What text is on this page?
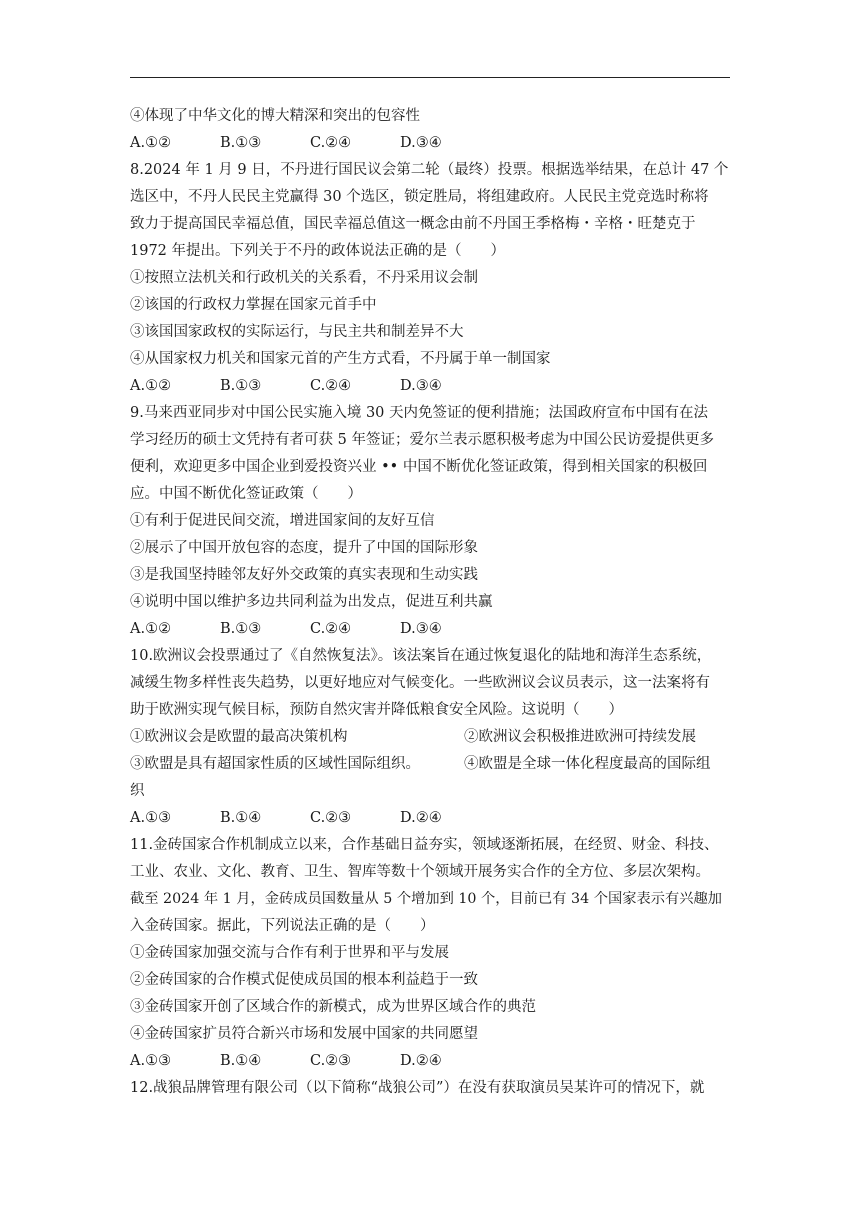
④体现了中华文化的博大精深和突出的包容性
A.①②	B.①③	C.②④	D.③④
8.2024 年 1 月 9 日，不丹进行国民议会第二轮（最终）投票。根据选举结果，在总计 47 个
选区中，不丹人民民主党赢得 30 个选区，锁定胜局，将组建政府。人民民主党竞选时称将
致力于提高国民幸福总值，国民幸福总值这一概念由前不丹国王季格梅・辛格・旺楚克于
1972 年提出。下列关于不丹的政体说法正确的是（　　）
①按照立法机关和行政机关的关系看，不丹采用议会制
②该国的行政权力掌握在国家元首手中
③该国国家政权的实际运行，与民主共和制差异不大
④从国家权力机关和国家元首的产生方式看，不丹属于单一制国家
A.①②	B.①③	C.②④	D.③④
9.马来西亚同步对中国公民实施入境 30 天内免签证的便利措施；法国政府宣布中国有在法
学习经历的硕士文凭持有者可获 5 年签证；爱尔兰表示愿积极考虑为中国公民访爱提供更多
便利，欢迎更多中国企业到爱投资兴业 •• 中国不断优化签证政策，得到相关国家的积极回
应。中国不断优化签证政策（　　）
①有利于促进民间交流，增进国家间的友好互信
②展示了中国开放包容的态度，提升了中国的国际形象
③是我国坚持睦邻友好外交政策的真实表现和生动实践
④说明中国以维护多边共同利益为出发点，促进互利共赢
A.①②	B.①③	C.②④	D.③④
10.欧洲议会投票通过了《自然恢复法》。该法案旨在通过恢复退化的陆地和海洋生态系统，
减缓生物多样性丧失趋势，以更好地应对气候变化。一些欧洲议会议员表示，这一法案将有
助于欧洲实现气候目标，预防自然灾害并降低粮食安全风险。这说明（　　）
①欧洲议会是欧盟的最高决策机构	②欧洲议会积极推进欧洲可持续发展
③欧盟是具有超国家性质的区域性国际组织。	④欧盟是全球一体化程度最高的国际组
织
A.①③	B.①④	C.②③	D.②④
11.金砖国家合作机制成立以来，合作基础日益夯实，领域逐渐拓展，在经贸、财金、科技、
工业、农业、文化、教育、卫生、智库等数十个领域开展务实合作的全方位、多层次架构。
截至 2024 年 1 月，金砖成员国数量从 5 个增加到 10 个，目前已有 34 个国家表示有兴趣加
入金砖国家。据此，下列说法正确的是（　　）
①金砖国家加强交流与合作有利于世界和平与发展
②金砖国家的合作模式促使成员国的根本利益趋于一致
③金砖国家开创了区域合作的新模式，成为世界区域合作的典范
④金砖国家扩员符合新兴市场和发展中国家的共同愿望
A.①③	B.①④	C.②③	D.②④
12.战狼品牌管理有限公司（以下简称“战狼公司”）在没有获取演员吴某许可的情况下，就
